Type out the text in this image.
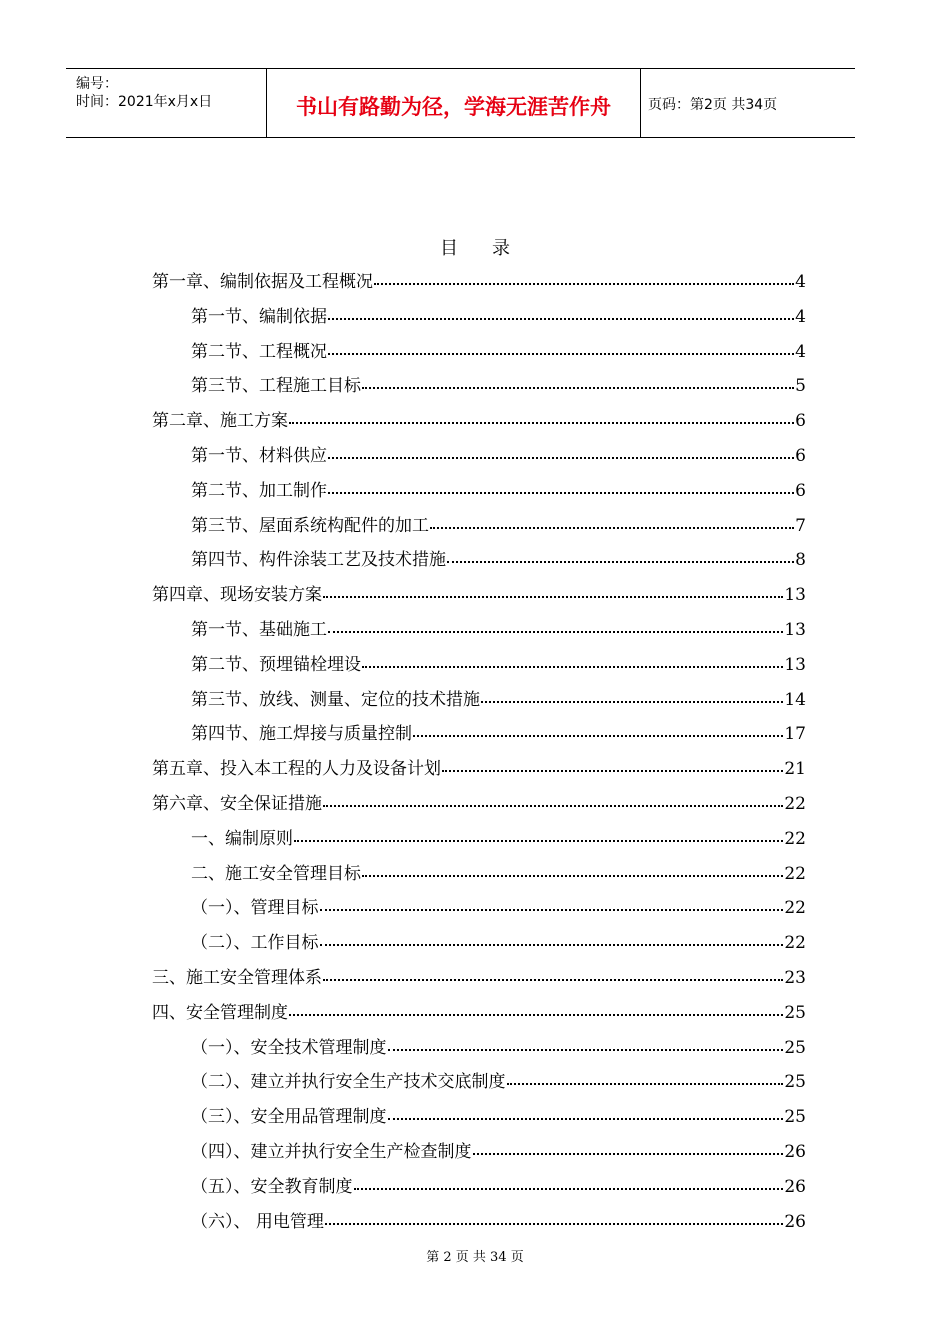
编号：
时间：2021年x月x日	书山有路勤为径，学海无涯苦作舟	页码：第2页 共34页
目 录
第一章、编制依据及工程概况	4
第一节、编制依据	4
第二节、工程概况	4
第三节、工程施工目标	5
第二章、施工方案	6
第一节、材料供应	6
第二节、加工制作	6
第三节、屋面系统构配件的加工	7
第四节、构件涂装工艺及技术措施	8
第四章、现场安装方案	13
第一节、基础施工	13
第二节、预埋锚栓埋设	13
第三节、放线、测量、定位的技术措施	14
第四节、施工焊接与质量控制	17
第五章、投入本工程的人力及设备计划	21
第六章、安全保证措施	22
一、编制原则	22
二、施工安全管理目标	22
（一）、管理目标	22
（二）、工作目标	22
三、施工安全管理体系	23
四、安全管理制度	25
（一）、安全技术管理制度	25
（二）、建立并执行安全生产技术交底制度	25
（三）、安全用品管理制度	25
（四）、建立并执行安全生产检查制度	26
（五）、安全教育制度	26
（六）、 用电管理	26
第 2 页 共 34 页
